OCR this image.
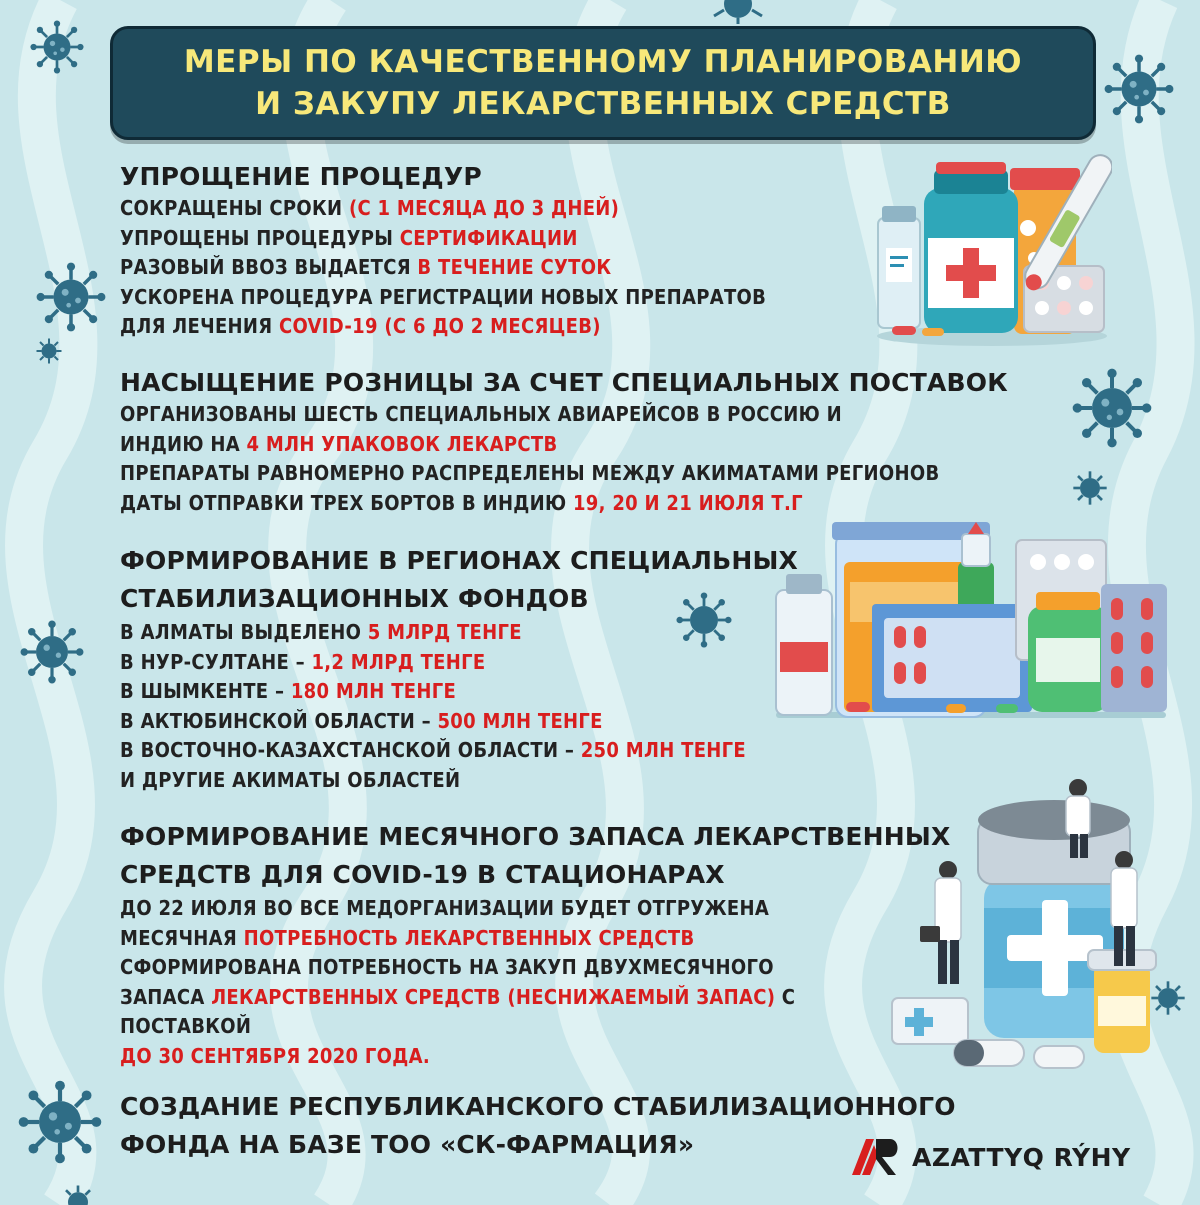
МЕРЫ ПО КАЧЕСТВЕННОМУ ПЛАНИРОВАНИЮ
И ЗАКУПУ ЛЕКАРСТВЕННЫХ СРЕДСТВ
УПРОЩЕНИЕ ПРОЦЕДУР
СОКРАЩЕНЫ СРОКИ (С 1 МЕСЯЦА ДО 3 ДНЕЙ)
УПРОЩЕНЫ ПРОЦЕДУРЫ СЕРТИФИКАЦИИ
РАЗОВЫЙ ВВОЗ ВЫДАЕТСЯ В ТЕЧЕНИЕ СУТОК
УСКОРЕНА ПРОЦЕДУРА РЕГИСТРАЦИИ НОВЫХ ПРЕПАРАТОВ
ДЛЯ ЛЕЧЕНИЯ COVID-19 (С 6 ДО 2 МЕСЯЦЕВ)
НАСЫЩЕНИЕ РОЗНИЦЫ ЗА СЧЕТ СПЕЦИАЛЬНЫХ ПОСТАВОК
ОРГАНИЗОВАНЫ ШЕСТЬ СПЕЦИАЛЬНЫХ АВИАРЕЙСОВ В РОССИЮ И
ИНДИЮ НА 4 МЛН УПАКОВОК ЛЕКАРСТВ
ПРЕПАРАТЫ РАВНОМЕРНО РАСПРЕДЕЛЕНЫ МЕЖДУ АКИМАТАМИ РЕГИОНОВ
ДАТЫ ОТПРАВКИ ТРЕХ БОРТОВ В ИНДИЮ 19, 20 И 21 ИЮЛЯ Т.Г
ФОРМИРОВАНИЕ В РЕГИОНАХ СПЕЦИАЛЬНЫХ
СТАБИЛИЗАЦИОННЫХ ФОНДОВ
В АЛМАТЫ ВЫДЕЛЕНО 5 МЛРД ТЕНГЕ
В НУР-СУЛТАНЕ – 1,2 МЛРД ТЕНГЕ
В ШЫМКЕНТЕ – 180 МЛН ТЕНГЕ
В АКТЮБИНСКОЙ ОБЛАСТИ – 500 МЛН ТЕНГЕ
В ВОСТОЧНО-КАЗАХСТАНСКОЙ ОБЛАСТИ – 250 МЛН ТЕНГЕ
И ДРУГИЕ АКИМАТЫ ОБЛАСТЕЙ
ФОРМИРОВАНИЕ МЕСЯЧНОГО ЗАПАСА ЛЕКАРСТВЕННЫХ
СРЕДСТВ ДЛЯ COVID-19 В СТАЦИОНАРАХ
ДО 22 ИЮЛЯ ВО ВСЕ МЕДОРГАНИЗАЦИИ БУДЕТ ОТГРУЖЕНА
МЕСЯЧНАЯ ПОТРЕБНОСТЬ ЛЕКАРСТВЕННЫХ СРЕДСТВ
СФОРМИРОВАНА ПОТРЕБНОСТЬ НА ЗАКУП ДВУХМЕСЯЧНОГО
ЗАПАСА ЛЕКАРСТВЕННЫХ СРЕДСТВ (НЕСНИЖАЕМЫЙ ЗАПАС) С
ПОСТАВКОЙ
ДО 30 СЕНТЯБРЯ 2020 ГОДА.
СОЗДАНИЕ РЕСПУБЛИКАНСКОГО СТАБИЛИЗАЦИОННОГО
ФОНДА НА БАЗЕ ТОО «СК-ФАРМАЦИЯ»	AZATTYQ RÝHY
